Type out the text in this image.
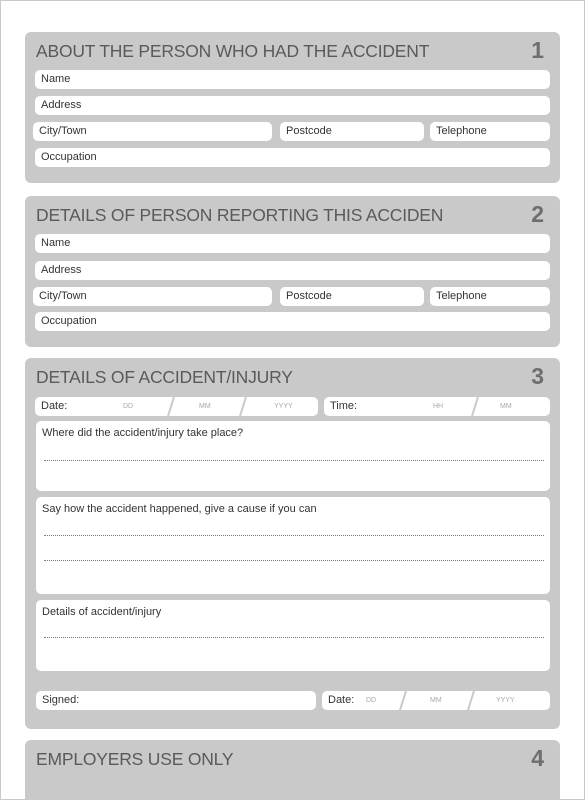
ABOUT THE PERSON WHO HAD THE ACCIDENT	1
Name
Address
City/Town	Postcode	Telephone
Occupation
DETAILS OF PERSON REPORTING THIS ACCIDEN	2
Name
Address
City/Town	Postcode	Telephone
Occupation
DETAILS OF ACCIDENT/INJURY	3
Date:	DD	MM	YYYY	Time:	HH	MM
Where did the accident/injury take place?
Say how the accident happened, give a cause if you can
Details of accident/injury
Signed:	Date: DD	MM	YYYY
EMPLOYERS USE ONLY	4
